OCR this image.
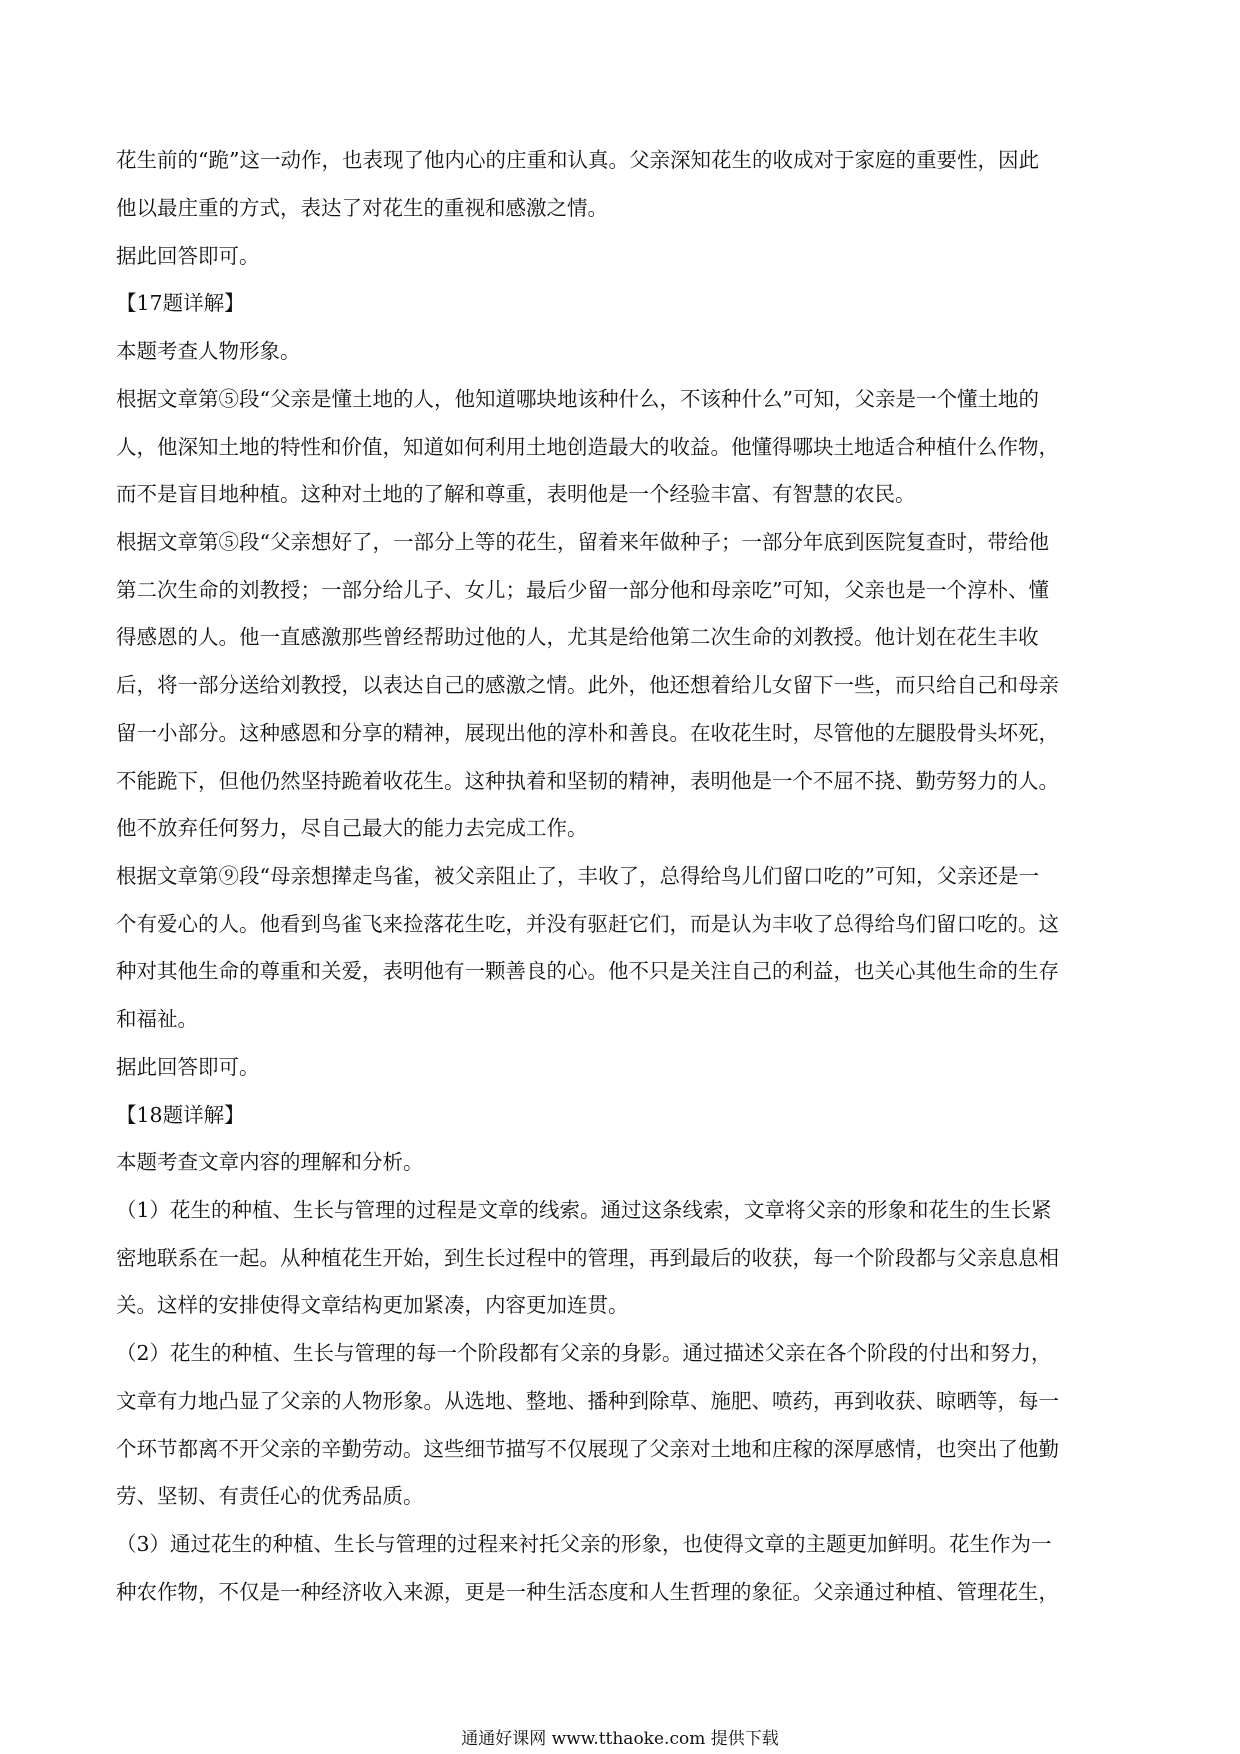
花生前的“跪”这一动作，也表现了他内心的庄重和认真。父亲深知花生的收成对于家庭的重要性，因此
他以最庄重的方式，表达了对花生的重视和感激之情。
据此回答即可。
【17题详解】
本题考查人物形象。
根据文章第⑤段“父亲是懂土地的人，他知道哪块地该种什么，不该种什么”可知，父亲是一个懂土地的
人，他深知土地的特性和价值，知道如何利用土地创造最大的收益。他懂得哪块土地适合种植什么作物，
而不是盲目地种植。这种对土地的了解和尊重，表明他是一个经验丰富、有智慧的农民。
根据文章第⑤段“父亲想好了，一部分上等的花生，留着来年做种子；一部分年底到医院复查时，带给他
第二次生命的刘教授；一部分给儿子、女儿；最后少留一部分他和母亲吃”可知，父亲也是一个淳朴、懂
得感恩的人。他一直感激那些曾经帮助过他的人，尤其是给他第二次生命的刘教授。他计划在花生丰收
后，将一部分送给刘教授，以表达自己的感激之情。此外，他还想着给儿女留下一些，而只给自己和母亲
留一小部分。这种感恩和分享的精神，展现出他的淳朴和善良。在收花生时，尽管他的左腿股骨头坏死，
不能跪下，但他仍然坚持跪着收花生。这种执着和坚韧的精神，表明他是一个不屈不挠、勤劳努力的人。
他不放弃任何努力，尽自己最大的能力去完成工作。
根据文章第⑨段“母亲想撵走鸟雀，被父亲阻止了，丰收了，总得给鸟儿们留口吃的”可知，父亲还是一
个有爱心的人。他看到鸟雀飞来捡落花生吃，并没有驱赶它们，而是认为丰收了总得给鸟们留口吃的。这
种对其他生命的尊重和关爱，表明他有一颗善良的心。他不只是关注自己的利益，也关心其他生命的生存
和福祉。
据此回答即可。
【18题详解】
本题考查文章内容的理解和分析。
（1）花生的种植、生长与管理的过程是文章的线索。通过这条线索，文章将父亲的形象和花生的生长紧
密地联系在一起。从种植花生开始，到生长过程中的管理，再到最后的收获，每一个阶段都与父亲息息相
关。这样的安排使得文章结构更加紧凑，内容更加连贯。
（2）花生的种植、生长与管理的每一个阶段都有父亲的身影。通过描述父亲在各个阶段的付出和努力，
文章有力地凸显了父亲的人物形象。从选地、整地、播种到除草、施肥、喷药，再到收获、晾晒等，每一
个环节都离不开父亲的辛勤劳动。这些细节描写不仅展现了父亲对土地和庄稼的深厚感情，也突出了他勤
劳、坚韧、有责任心的优秀品质。
（3）通过花生的种植、生长与管理的过程来衬托父亲的形象，也使得文章的主题更加鲜明。花生作为一
种农作物，不仅是一种经济收入来源，更是一种生活态度和人生哲理的象征。父亲通过种植、管理花生，
通通好课网 www.tthaoke.com 提供下载
